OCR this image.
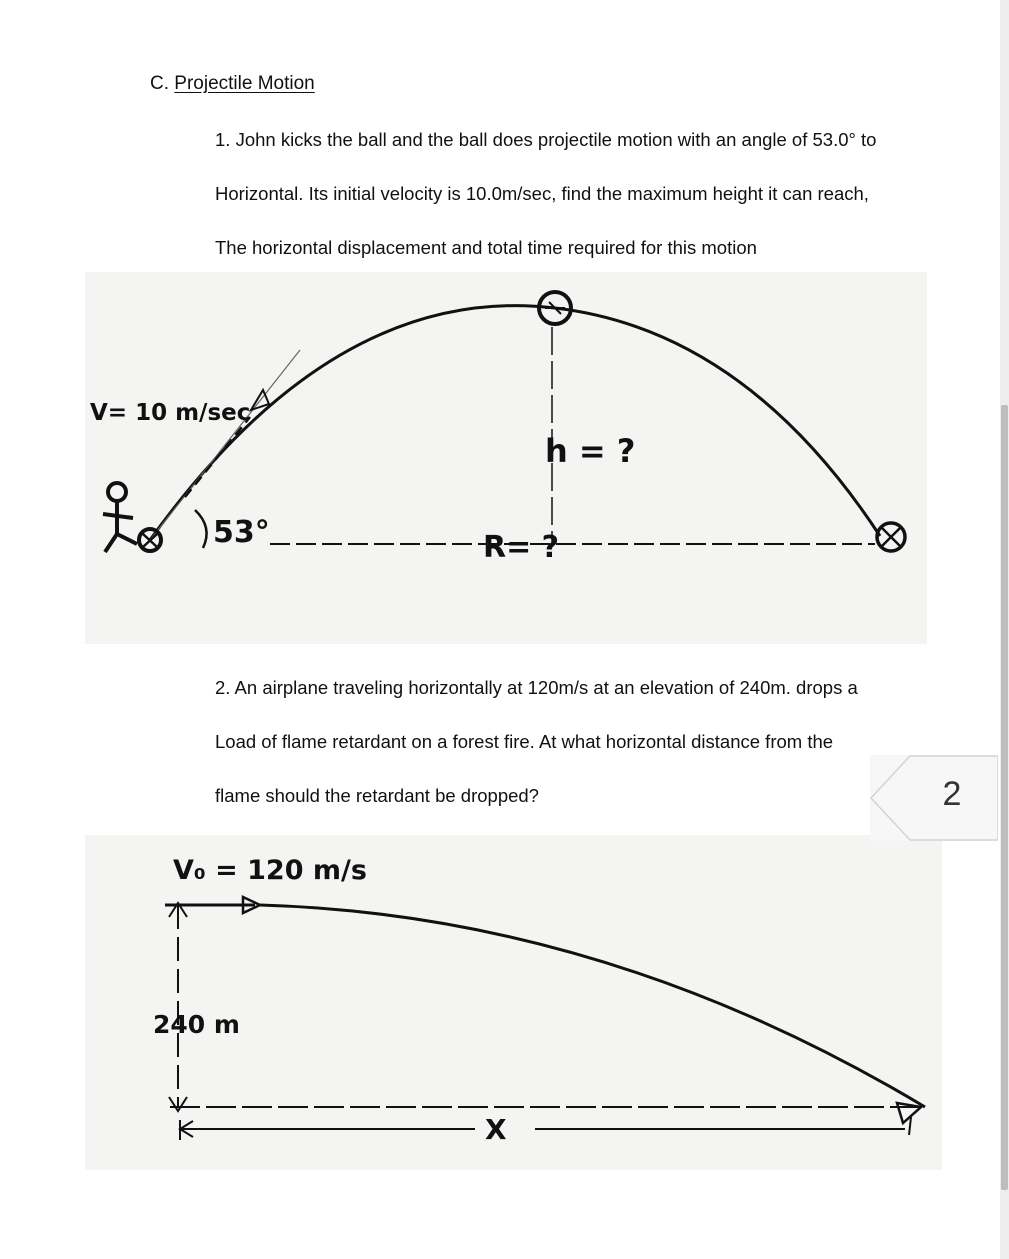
C. Projectile Motion
1. John kicks the ball and the ball does projectile motion with an angle of 53.0° to
Horizontal. Its initial velocity is 10.0m/sec, find the maximum height it can reach,
The horizontal displacement and total time required for this motion
V= 10 m/sec
53°
h = ?
R= ?
2. An airplane traveling horizontally at 120m/s at an elevation of 240m. drops a
Load of flame retardant on a forest fire. At what horizontal distance from the
flame should the retardant be dropped?
V₀ = 120 m/s
240 m
X
2
